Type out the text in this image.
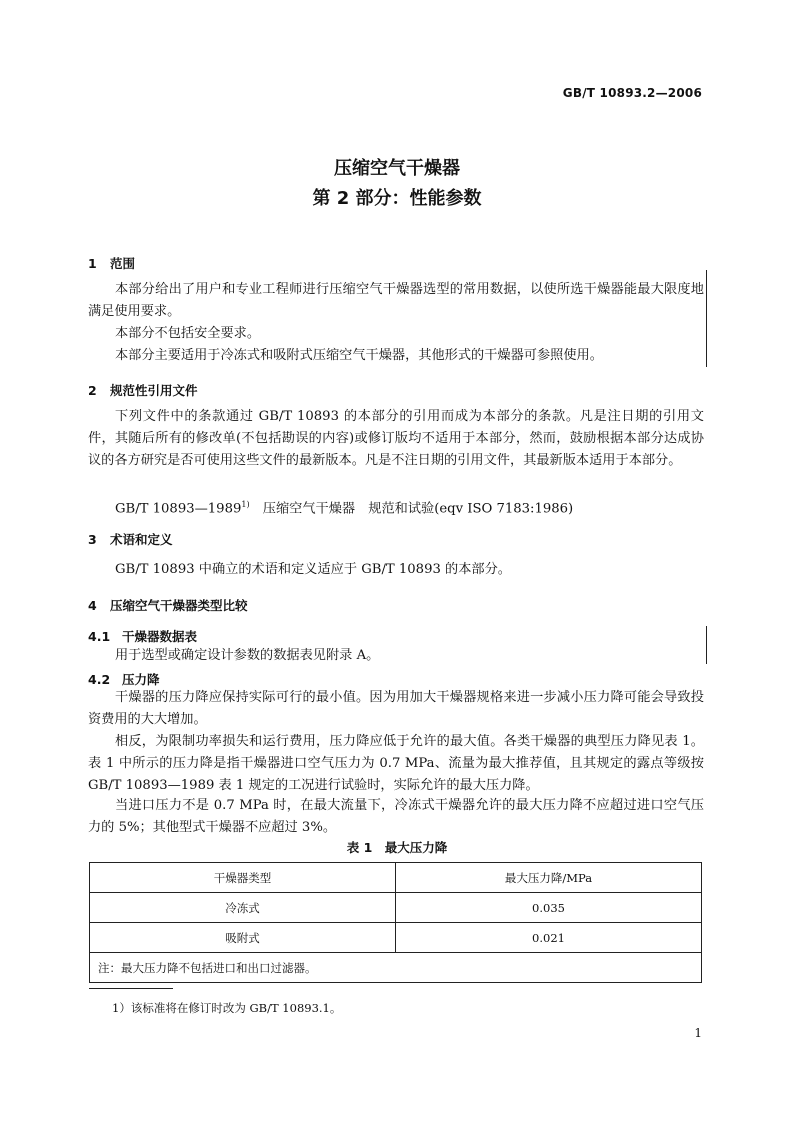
GB/T 10893.2—2006
压缩空气干燥器
第 2 部分：性能参数
1 范围
本部分给出了用户和专业工程师进行压缩空气干燥器选型的常用数据，以使所选干燥器能最大限度地满足使用要求。
本部分不包括安全要求。
本部分主要适用于冷冻式和吸附式压缩空气干燥器，其他形式的干燥器可参照使用。
2 规范性引用文件
下列文件中的条款通过 GB/T 10893 的本部分的引用而成为本部分的条款。凡是注日期的引用文件，其随后所有的修改单(不包括勘误的内容)或修订版均不适用于本部分，然而，鼓励根据本部分达成协议的各方研究是否可使用这些文件的最新版本。凡是不注日期的引用文件，其最新版本适用于本部分。
GB/T 10893—1989$^{1)}$　 压缩空气干燥器　规范和试验(eqv ISO 7183:1986)
3 术语和定义
GB/T 10893 中确立的术语和定义适应于 GB/T 10893 的本部分。
4 压缩空气干燥器类型比较
4.1 干燥器数据表
用于选型或确定设计参数的数据表见附录 A。
4.2 压力降
干燥器的压力降应保持实际可行的最小值。因为用加大干燥器规格来进一步减小压力降可能会导致投资费用的大大增加。
相反，为限制功率损失和运行费用，压力降应低于允许的最大值。各类干燥器的典型压力降见表 1。表 1 中所示的压力降是指干燥器进口空气压力为 0.7 MPa、流量为最大推荐值，且其规定的露点等级按 GB/T 10893—1989 表 1 规定的工况进行试验时，实际允许的最大压力降。
当进口压力不是 0.7 MPa 时，在最大流量下，冷冻式干燥器允许的最大压力降不应超过进口空气压力的 5%；其他型式干燥器不应超过 3%。
表 1　最大压力降
干燥器类型	最大压力降/MPa
冷冻式	0.035
吸附式	0.021
注：最大压力降不包括进口和出口过滤器。	
1）该标准将在修订时改为 GB/T 10893.1。
1
